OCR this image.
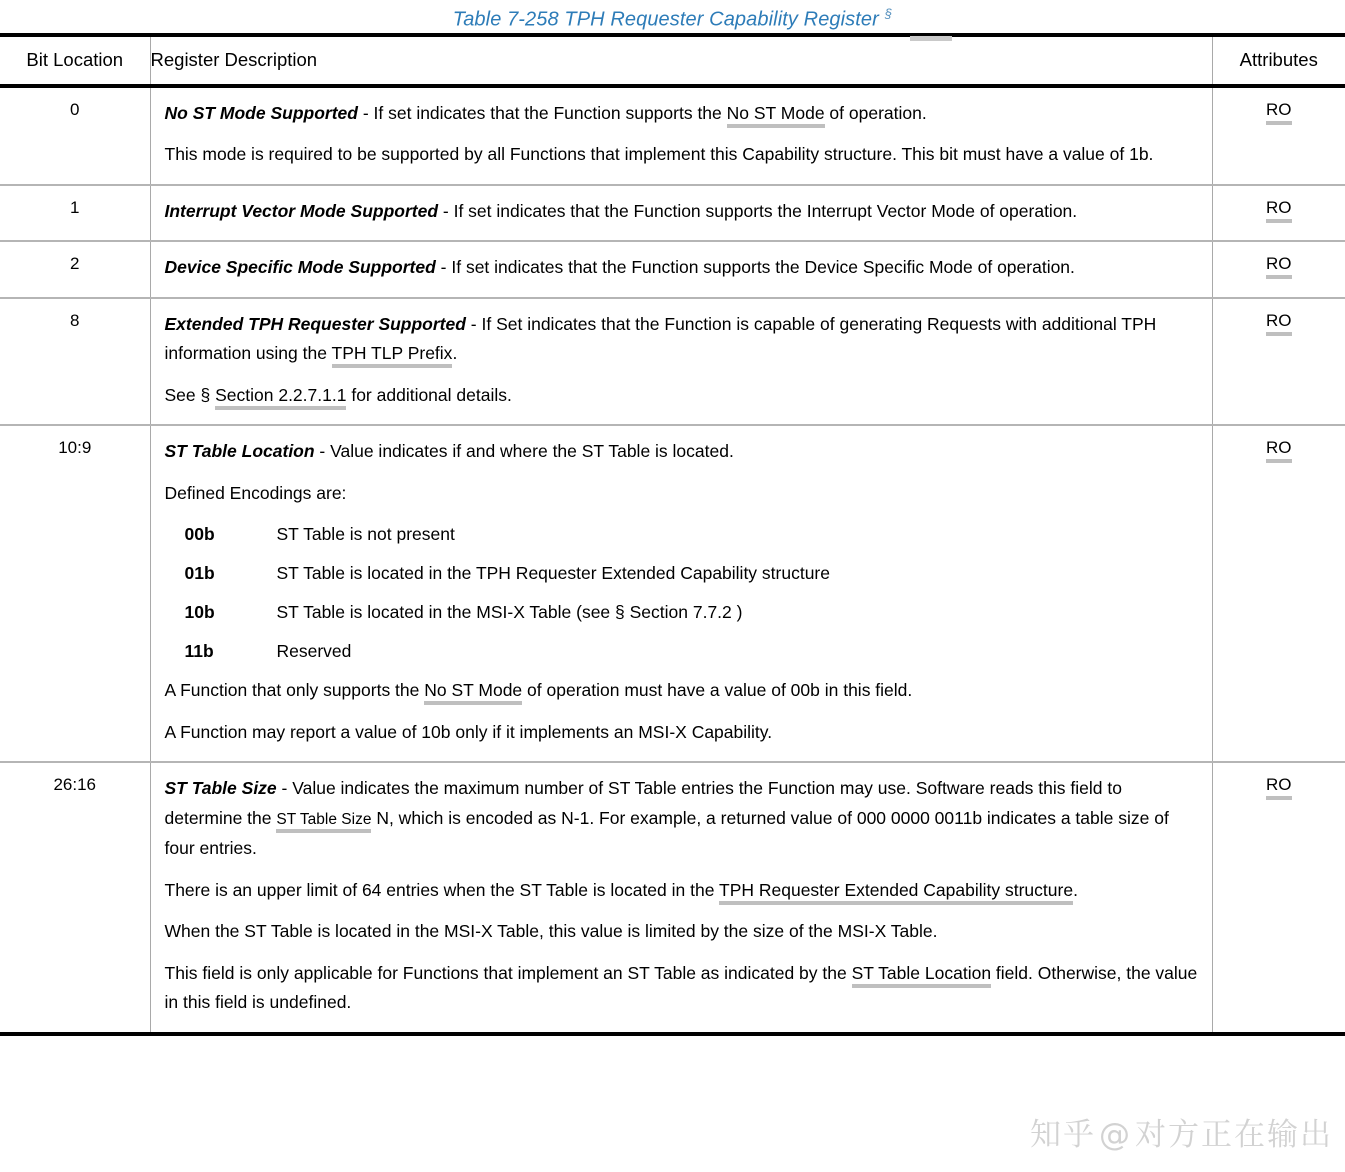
Table 7-258 TPH Requester Capability Register §
Bit Location	Register Description	Attributes
0	No ST Mode Supported - If set indicates that the Function supports the No ST Mode of operation.

This mode is required to be supported by all Functions that implement this Capability structure. This bit must have a value of 1b.	RO
1	Interrupt Vector Mode Supported - If set indicates that the Function supports the Interrupt Vector Mode of operation.	RO
2	Device Specific Mode Supported - If set indicates that the Function supports the Device Specific Mode of operation.	RO
8	Extended TPH Requester Supported - If Set indicates that the Function is capable of generating Requests with additional TPH information using the TPH TLP Prefix.

See § Section 2.2.7.1.1 for additional details.	RO
10:9	ST Table Location - Value indicates if and where the ST Table is located.

Defined Encodings are:

00b	ST Table is not present
01b	ST Table is located in the TPH Requester Extended Capability structure
10b	ST Table is located in the MSI-X Table (see § Section 7.7.2 )
11b	Reserved

A Function that only supports the No ST Mode of operation must have a value of 00b in this field.

A Function may report a value of 10b only if it implements an MSI-X Capability.

	RO
26:16	ST Table Size - Value indicates the maximum number of ST Table entries the Function may use. Software reads this field to determine the ST Table Size N, which is encoded as N-1. For example, a returned value of 000 0000 0011b indicates a table size of four entries.

There is an upper limit of 64 entries when the ST Table is located in the TPH Requester Extended Capability structure.

When the ST Table is located in the MSI-X Table, this value is limited by the size of the MSI-X Table.

This field is only applicable for Functions that implement an ST Table as indicated by the ST Table Location field. Otherwise, the value in this field is undefined.	RO
知乎@对方正在输出
